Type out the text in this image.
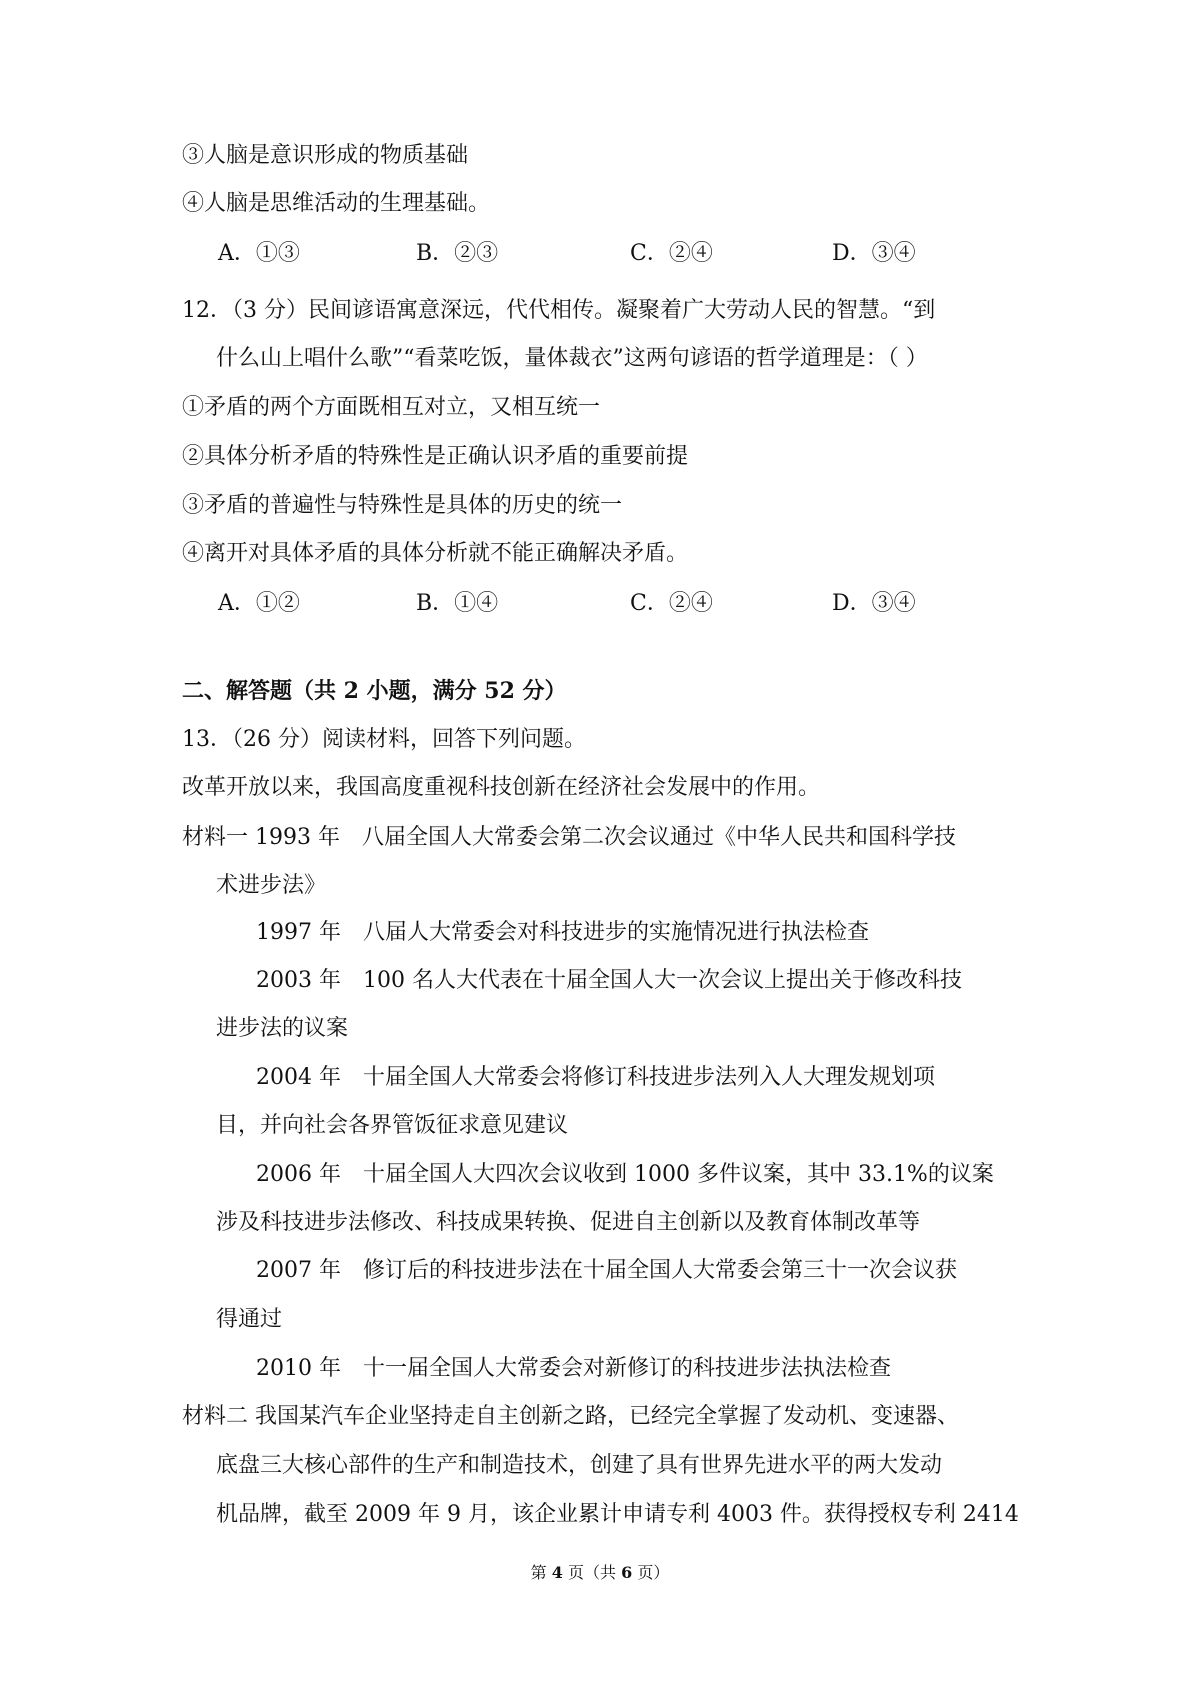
③人脑是意识形成的物质基础
④人脑是思维活动的生理基础。
A．①③	B．②③	C．②④	D．③④
12．（3 分）民间谚语寓意深远，代代相传。凝聚着广大劳动人民的智慧。“到
什么山上唱什么歌”“看菜吃饭，量体裁衣”这两句谚语的哲学道理是：（ ）
①矛盾的两个方面既相互对立，又相互统一
②具体分析矛盾的特殊性是正确认识矛盾的重要前提
③矛盾的普遍性与特殊性是具体的历史的统一
④离开对具体矛盾的具体分析就不能正确解决矛盾。
A．①②	B．①④	C．②④	D．③④
二、解答题（共 2 小题，满分 52 分）
13．（26 分）阅读材料，回答下列问题。
改革开放以来，我国高度重视科技创新在经济社会发展中的作用。
材料一 1993 年　八届全国人大常委会第二次会议通过《中华人民共和国科学技
术进步法》
1997 年　八届人大常委会对科技进步的实施情况进行执法检查
2003 年　100 名人大代表在十届全国人大一次会议上提出关于修改科技
进步法的议案
2004 年　十届全国人大常委会将修订科技进步法列入人大理发规划项
目，并向社会各界管饭征求意见建议
2006 年　十届全国人大四次会议收到 1000 多件议案，其中 33.1%的议案
涉及科技进步法修改、科技成果转换、促进自主创新以及教育体制改革等
2007 年　修订后的科技进步法在十届全国人大常委会第三十一次会议获
得通过
2010 年　十一届全国人大常委会对新修订的科技进步法执法检查
材料二 我国某汽车企业坚持走自主创新之路，已经完全掌握了发动机、变速器、
底盘三大核心部件的生产和制造技术，创建了具有世界先进水平的两大发动
机品牌，截至 2009 年 9 月，该企业累计申请专利 4003 件。获得授权专利 2414
第 4 页（共 6 页）
